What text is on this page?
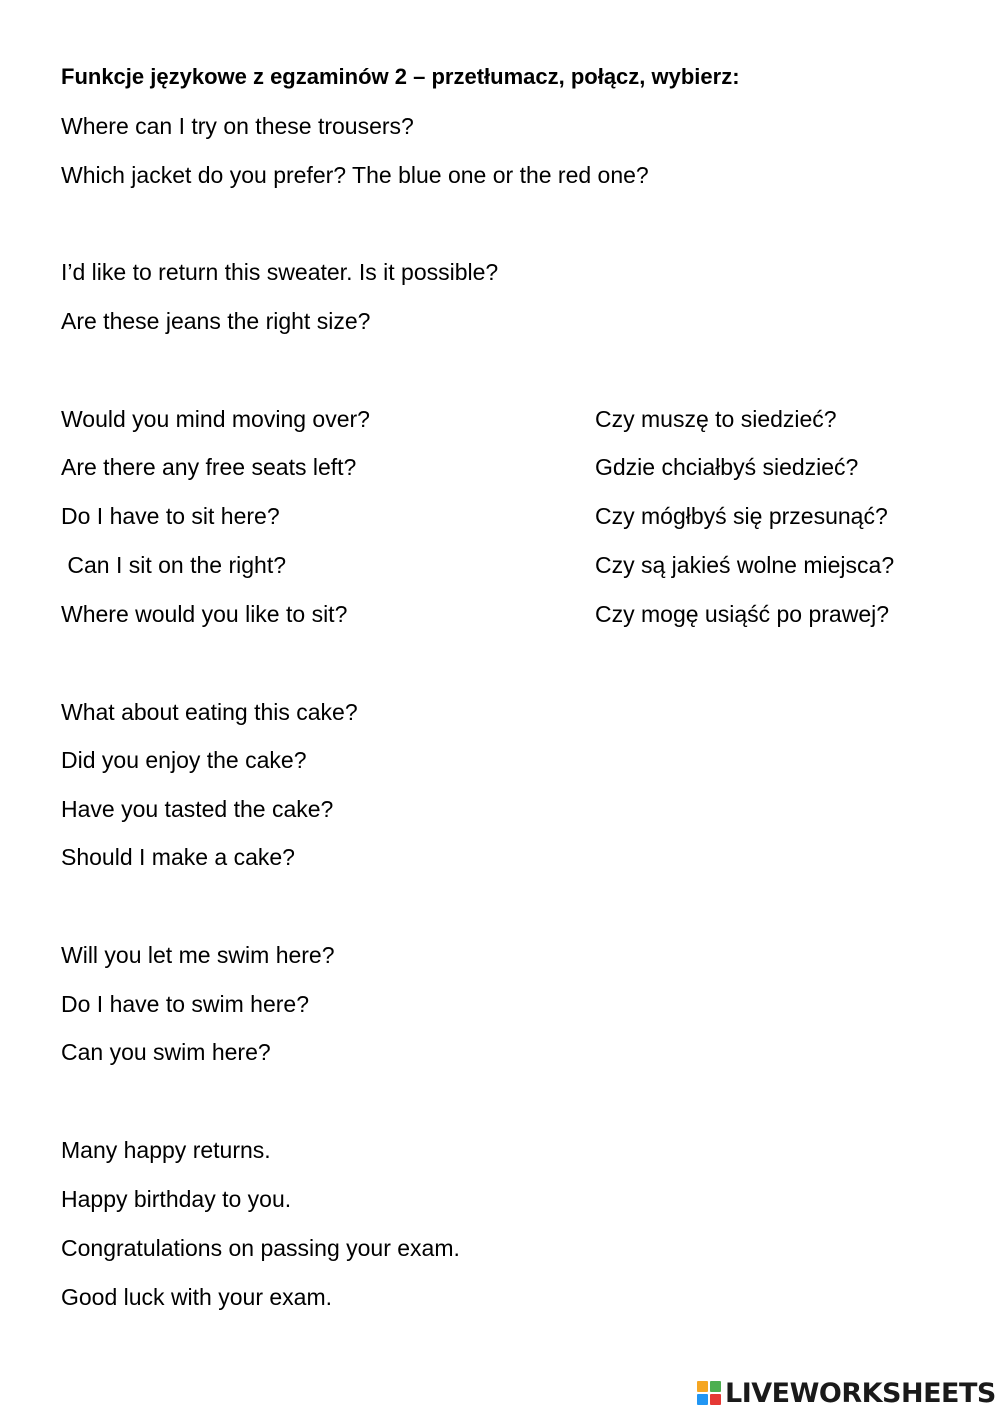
Funkcje językowe z egzaminów 2 – przetłumacz, połącz, wybierz:
Where can I try on these trousers?
Which jacket do you prefer? The blue one or the red one?
I’d like to return this sweater. Is it possible?
Are these jeans the right size?
Would you mind moving over?
Are there any free seats left?
Do I have to sit here?
Can I sit on the right?
Where would you like to sit?
Czy muszę to siedzieć?
Gdzie chciałbyś siedzieć?
Czy mógłbyś się przesunąć?
Czy są jakieś wolne miejsca?
Czy mogę usiąść po prawej?
What about eating this cake?
Did you enjoy the cake?
Have you tasted the cake?
Should I make a cake?
Will you let me swim here?
Do I have to swim here?
Can you swim here?
Many happy returns.
Happy birthday to you.
Congratulations on passing your exam.
Good luck with your exam.
LIVEWORKSHEETS
